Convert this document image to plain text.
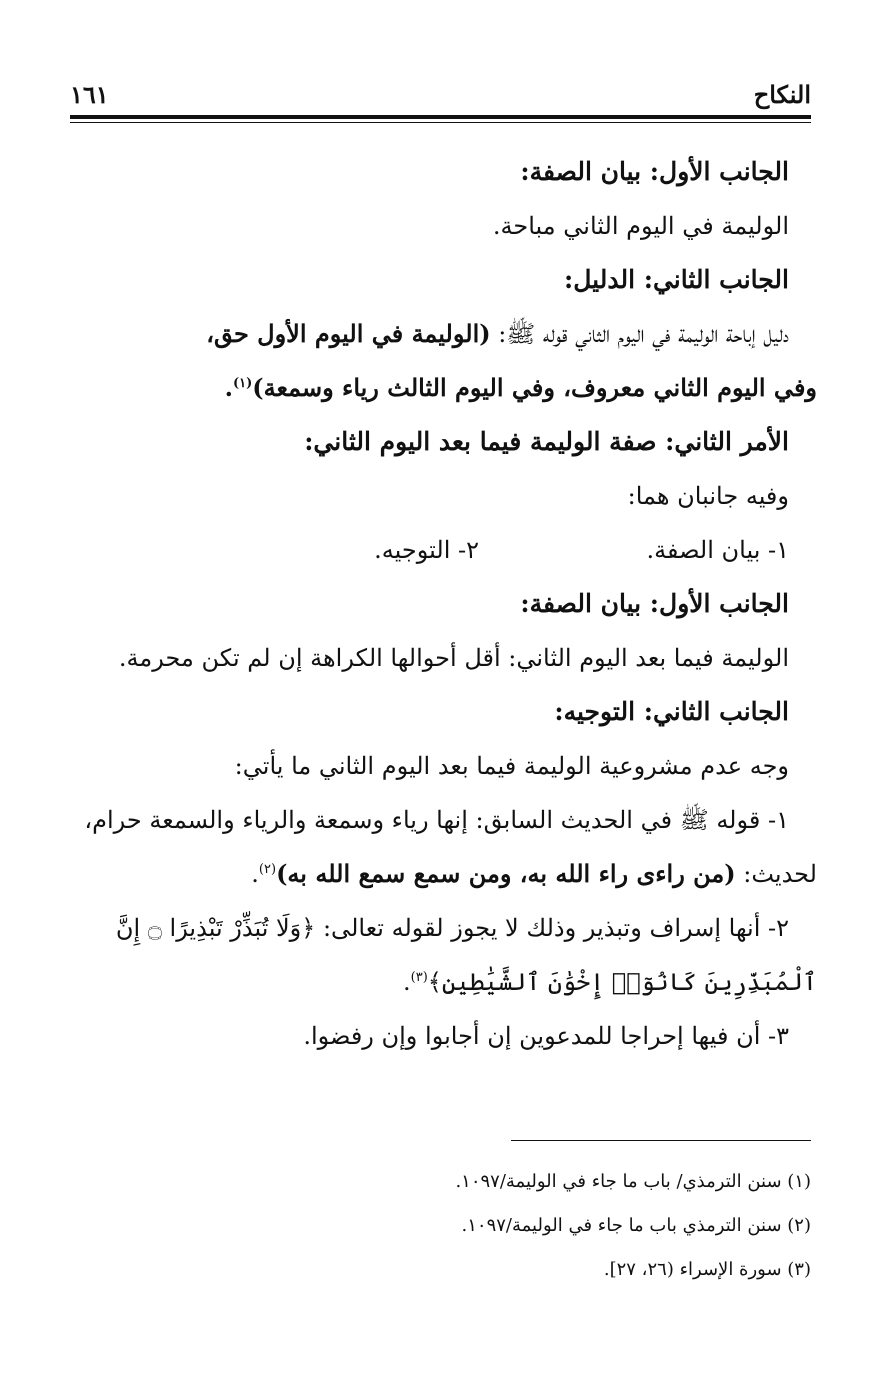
النكاح
١٦١
الجانب الأول: بيان الصفة:
الوليمة في اليوم الثاني مباحة.
الجانب الثاني: الدليل:
دليل إباحة الوليمة في اليوم الثاني قوله ﷺ: (الوليمة في اليوم الأول حق،
وفي اليوم الثاني معروف، وفي اليوم الثالث رياء وسمعة)$^{(١)}$.
الأمر الثاني: صفة الوليمة فيما بعد اليوم الثاني:
وفيه جانبان هما:
١- بيان الصفة.
٢- التوجيه.
الجانب الأول: بيان الصفة:
الوليمة فيما بعد اليوم الثاني: أقل أحوالها الكراهة إن لم تكن محرمة.
الجانب الثاني: التوجيه:
وجه عدم مشروعية الوليمة فيما بعد اليوم الثاني ما يأتي:
١- قوله ﷺ في الحديث السابق: إنها رياء وسمعة والرياء والسمعة حرام،
لحديث: (من راءى راء الله به، ومن سمع سمع الله به)$^{(٢)}$.
٢- أنها إسراف وتبذير وذلك لا يجوز لقوله تعالى: ﴿وَلَا تُبَذِّرْ تَبْذِيرًا ۝ إِنَّ
ٱلْمُبَذِّرِينَ كَانُوٓا۟ إِخْوَٰنَ ٱلشَّيَٰطِينِ﴾$^{(٣)}$.
٣- أن فيها إحراجا للمدعوين إن أجابوا وإن رفضوا.
(١) سنن الترمذي/ باب ما جاء في الوليمة/١٠٩٧.
(٢) سنن الترمذي باب ما جاء في الوليمة/١٠٩٧.
(٣) سورة الإسراء (٢٦، ٢٧].
